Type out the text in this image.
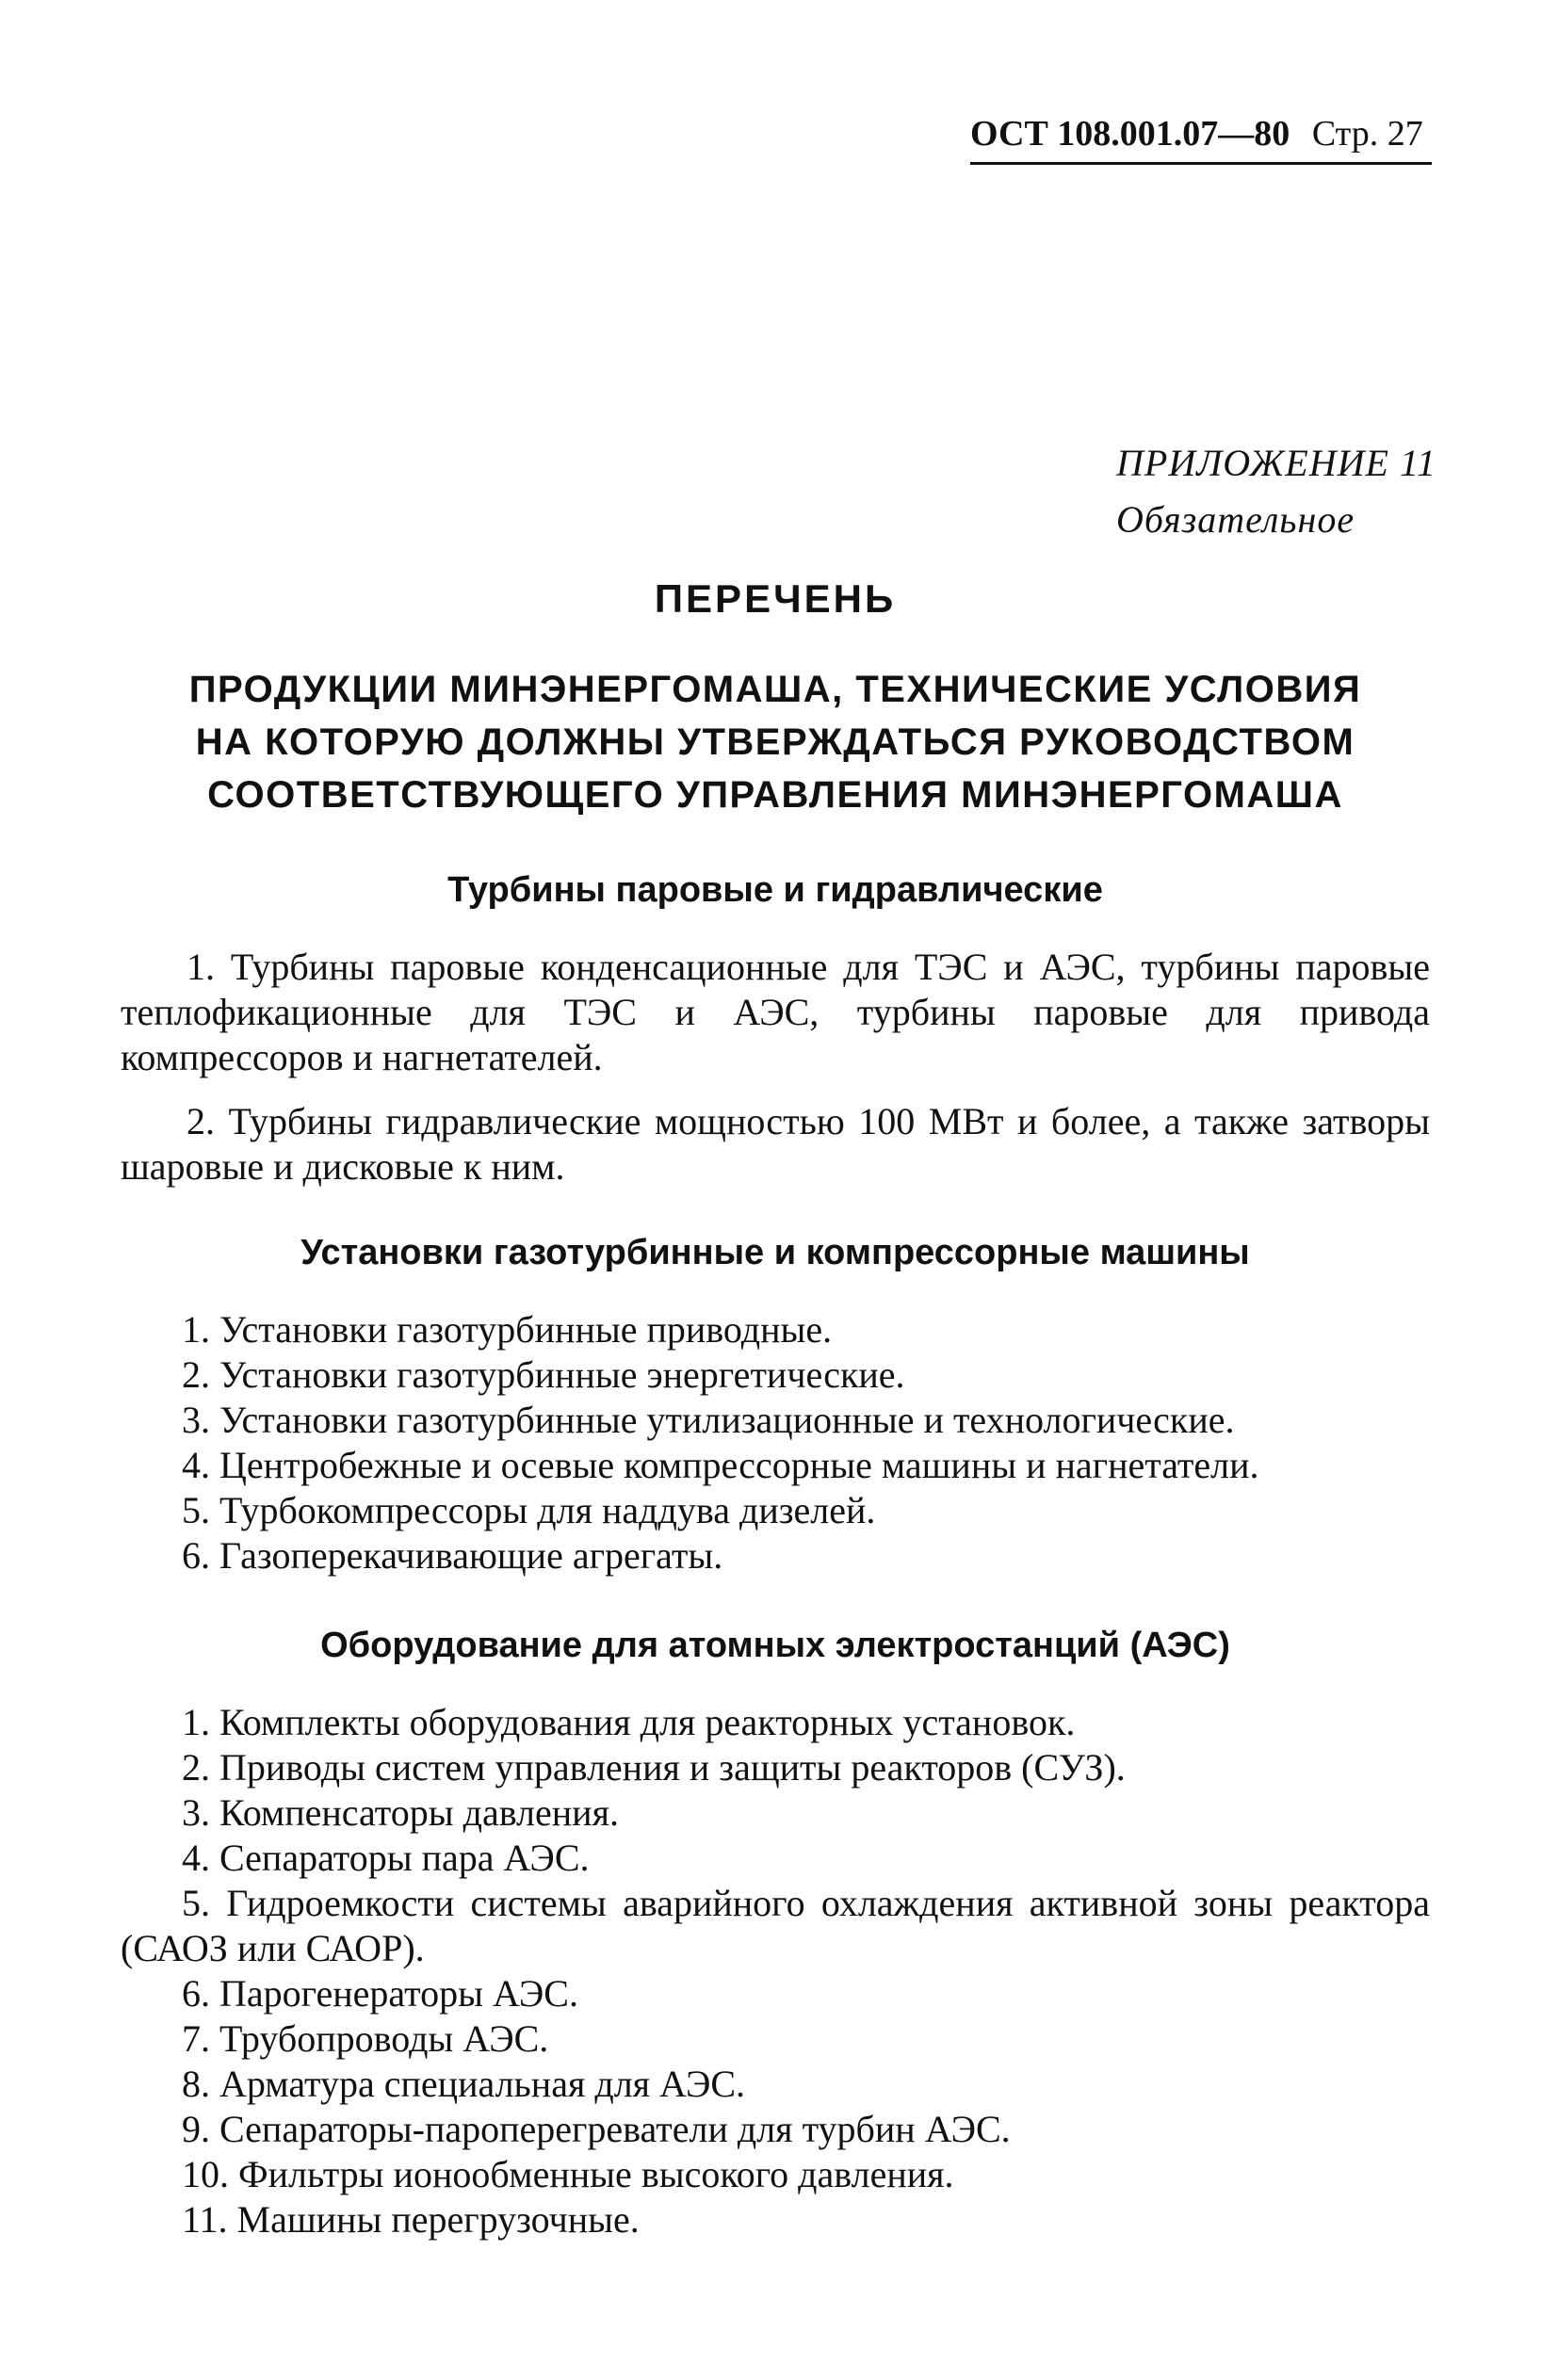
ОСТ 108.001.07—80 Стр. 27
ПРИЛОЖЕНИЕ 11
Обязательное
ПЕРЕЧЕНЬ
ПРОДУКЦИИ МИНЭНЕРГОМАША, ТЕХНИЧЕСКИЕ УСЛОВИЯ
НА КОТОРУЮ ДОЛЖНЫ УТВЕРЖДАТЬСЯ РУКОВОДСТВОМ
СООТВЕТСТВУЮЩЕГО УПРАВЛЕНИЯ МИНЭНЕРГОМАША
Турбины паровые и гидравлические

1. Турбины паровые конденсационные для ТЭС и АЭС, турбины паровые теплофикационные для ТЭС и АЭС, турбины паровые для привода компрессоров и нагнетателей.

2. Турбины гидравлические мощностью 100 МВт и более, а также затворы шаровые и дисковые к ним.

Установки газотурбинные и компрессорные машины

1. Установки газотурбинные приводные.

2. Установки газотурбинные энергетические.

3. Установки газотурбинные утилизационные и технологические.

4. Центробежные и осевые компрессорные машины и нагнетатели.

5. Турбокомпрессоры для наддува дизелей.

6. Газоперекачивающие агрегаты.

Оборудование для атомных электростанций (АЭС)

1. Комплекты оборудования для реакторных установок.

2. Приводы систем управления и защиты реакторов (СУЗ).

3. Компенсаторы давления.

4. Сепараторы пара АЭС.

5. Гидроемкости системы аварийного охлаждения активной зоны реактора (САОЗ или САОР).

6. Парогенераторы АЭС.

7. Трубопроводы АЭС.

8. Арматура специальная для АЭС.

9. Сепараторы-пароперегреватели для турбин АЭС.

10. Фильтры ионообменные высокого давления.

11. Машины перегрузочные.
